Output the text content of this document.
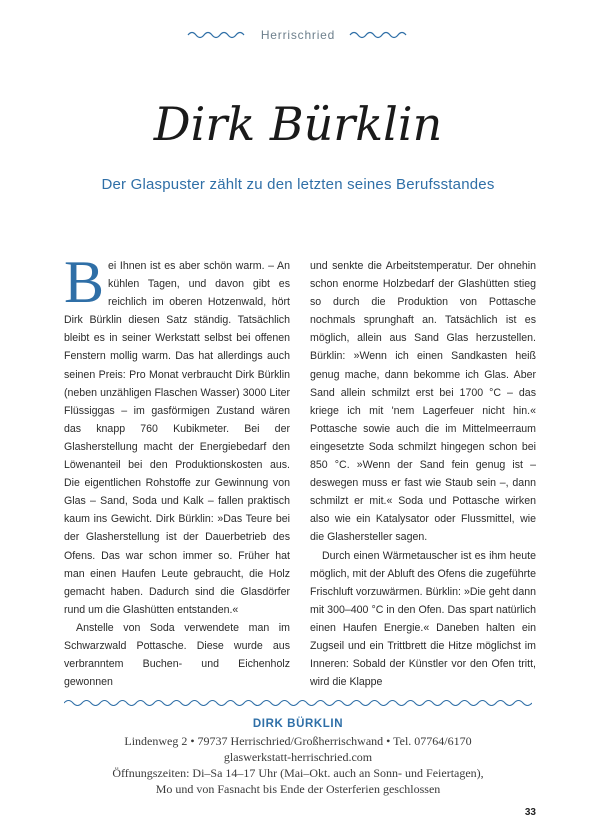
Herrischried
Dirk Bürklin
Der Glaspuster zählt zu den letzten seines Berufsstandes

Bei Ihnen ist es aber schön warm. – An kühlen Tagen, und davon gibt es reichlich im oberen Hotzenwald, hört Dirk Bürklin diesen Satz ständig. Tatsächlich bleibt es in seiner Werkstatt selbst bei offenen Fenstern mollig warm. Das hat allerdings auch seinen Preis: Pro Monat verbraucht Dirk Bürklin (neben unzähligen Flaschen Wasser) 3000 Liter Flüssiggas – im gasförmigen Zustand wären das knapp 760 Kubikmeter. Bei der Glasherstellung macht der Energiebedarf den Löwenanteil bei den Produktionskosten aus. Die eigentlichen Rohstoffe zur Gewinnung von Glas – Sand, Soda und Kalk – fallen praktisch kaum ins Gewicht. Dirk Bürklin: »Das Teure bei der Glasherstellung ist der Dauerbetrieb des Ofens. Das war schon immer so. Früher hat man einen Haufen Leute gebraucht, die Holz gemacht haben. Dadurch sind die Glasdörfer rund um die Glashütten entstanden.«

Anstelle von Soda verwendete man im Schwarzwald Pottasche. Diese wurde aus verbranntem Buchen- und Eichenholz gewonnen

und senkte die Arbeitstemperatur. Der ohnehin schon enorme Holzbedarf der Glashütten stieg so durch die Produktion von Pottasche nochmals sprunghaft an. Tatsächlich ist es möglich, allein aus Sand Glas herzustellen. Bürklin: »Wenn ich einen Sandkasten heiß genug mache, dann bekomme ich Glas. Aber Sand allein schmilzt erst bei 1700 °C – das kriege ich mit 'nem Lagerfeuer nicht hin.« Pottasche sowie auch die im Mittelmeerraum eingesetzte Soda schmilzt hingegen schon bei 850 °C. »Wenn der Sand fein genug ist – deswegen muss er fast wie Staub sein –, dann schmilzt er mit.« Soda und Pottasche wirken also wie ein Katalysator oder Flussmittel, wie die Glashersteller sagen.

Durch einen Wärmetauscher ist es ihm heute möglich, mit der Abluft des Ofens die zugeführte Frischluft vorzuwärmen. Bürklin: »Die geht dann mit 300–400 °C in den Ofen. Das spart natürlich einen Haufen Energie.« Daneben halten ein Zugseil und ein Trittbrett die Hitze möglichst im Inneren: Sobald der Künstler vor den Ofen tritt, wird die Klappe

DIRK BÜRKLIN
Lindenweg 2 • 79737 Herrischried/Großherrischwand • Tel. 07764/6170
glaswerkstatt-herrischried.com
Öffnungszeiten: Di–Sa 14–17 Uhr (Mai–Okt. auch an Sonn- und Feiertagen),
Mo und von Fasnacht bis Ende der Osterferien geschlossen
33
